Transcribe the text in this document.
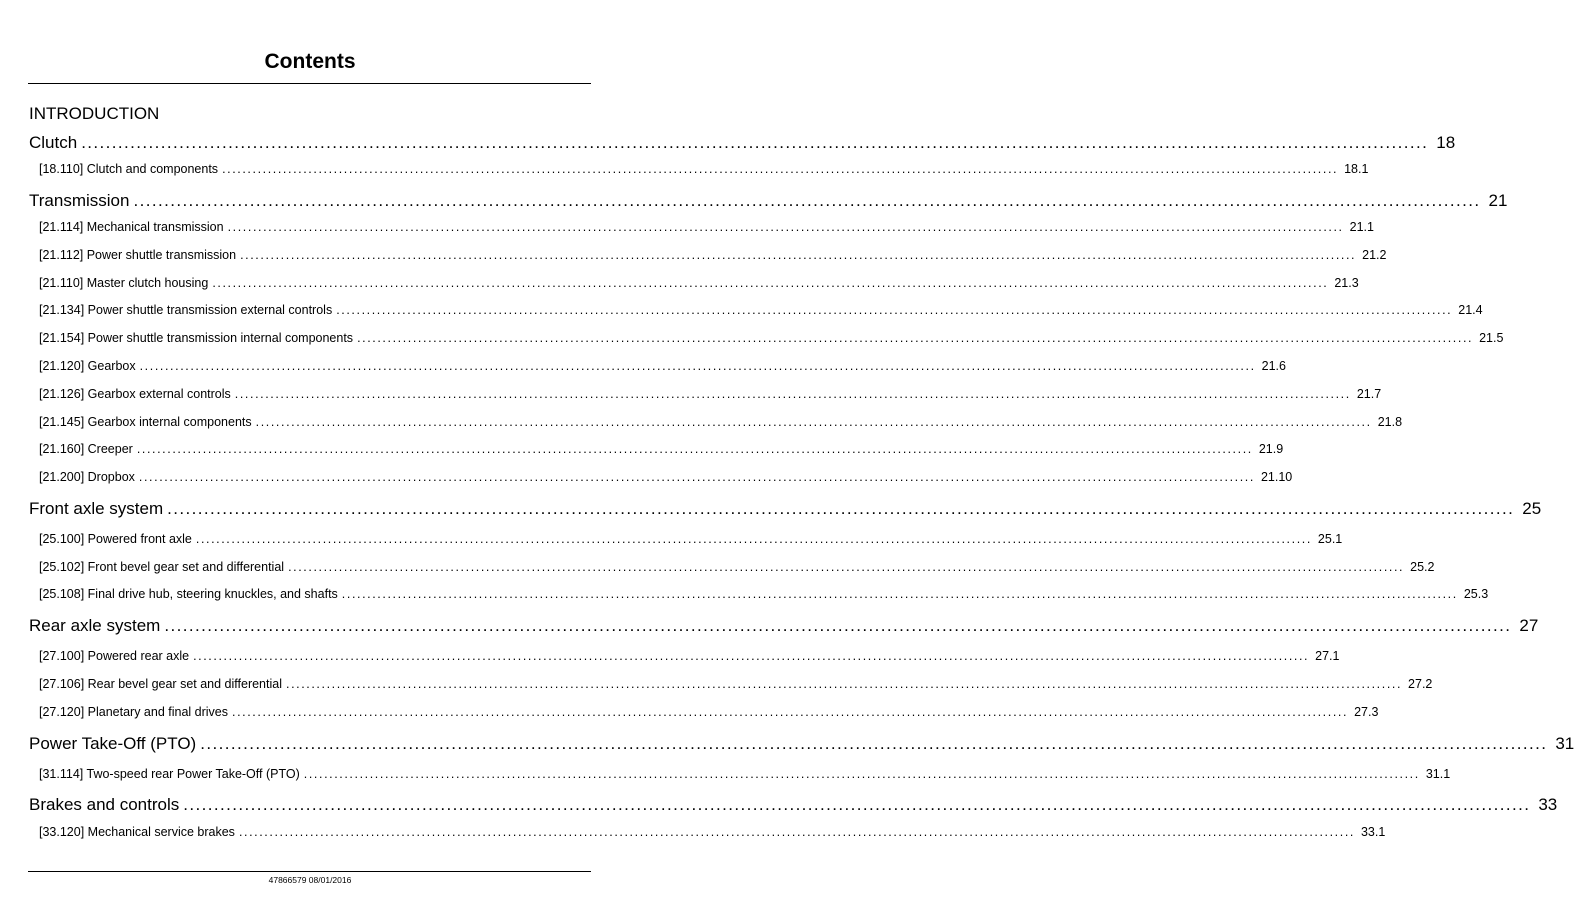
Contents
INTRODUCTION
Clutch ............................................................................................................................................................................................................................ 18
[18.110] Clutch and components ............................................................................................................................................................................................................................ 18.1
Transmission ............................................................................................................................................................................................................................ 21
[21.114] Mechanical transmission ............................................................................................................................................................................................................................ 21.1
[21.112] Power shuttle transmission ............................................................................................................................................................................................................................ 21.2
[21.110] Master clutch housing ............................................................................................................................................................................................................................ 21.3
[21.134] Power shuttle transmission external controls ............................................................................................................................................................................................................................ 21.4
[21.154] Power shuttle transmission internal components ............................................................................................................................................................................................................................ 21.5
[21.120] Gearbox ............................................................................................................................................................................................................................ 21.6
[21.126] Gearbox external controls ............................................................................................................................................................................................................................ 21.7
[21.145] Gearbox internal components ............................................................................................................................................................................................................................ 21.8
[21.160] Creeper ............................................................................................................................................................................................................................ 21.9
[21.200] Dropbox ............................................................................................................................................................................................................................ 21.10
Front axle system ............................................................................................................................................................................................................................ 25
[25.100] Powered front axle ............................................................................................................................................................................................................................ 25.1
[25.102] Front bevel gear set and differential ............................................................................................................................................................................................................................ 25.2
[25.108] Final drive hub, steering knuckles, and shafts ............................................................................................................................................................................................................................ 25.3
Rear axle system ............................................................................................................................................................................................................................ 27
[27.100] Powered rear axle ............................................................................................................................................................................................................................ 27.1
[27.106] Rear bevel gear set and differential ............................................................................................................................................................................................................................ 27.2
[27.120] Planetary and final drives ............................................................................................................................................................................................................................ 27.3
Power Take-Off (PTO) ............................................................................................................................................................................................................................ 31
[31.114] Two-speed rear Power Take-Off (PTO) ............................................................................................................................................................................................................................ 31.1
Brakes and controls ............................................................................................................................................................................................................................ 33
[33.120] Mechanical service brakes ............................................................................................................................................................................................................................ 33.1
47866579 08/01/2016
